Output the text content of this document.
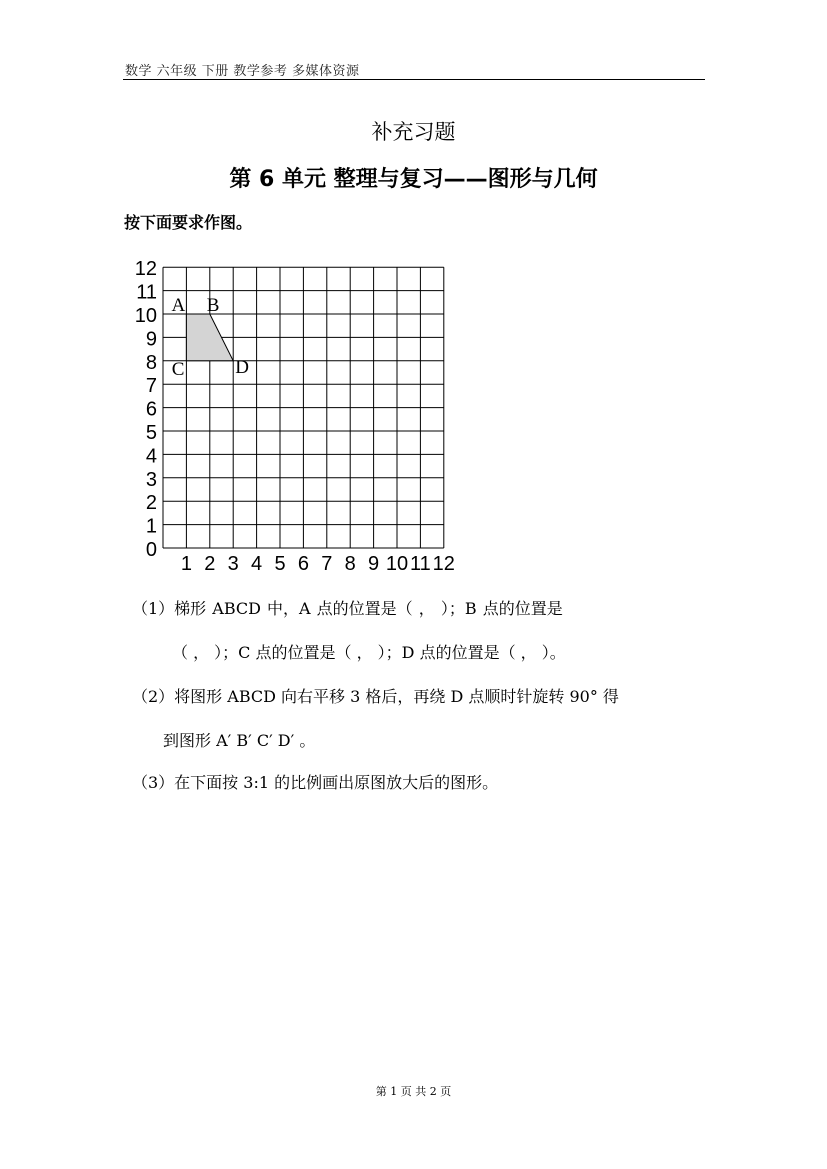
数学 六年级 下册 教学参考 多媒体资源
补充习题
第 6 单元 整理与复习——图形与几何
按下面要求作图。
1 2 3 4 5 6 7 8 9 10 11 12
0
1
2
3
4
5
6
7
8
9
10
11
12
A B
D
C
（1）梯形 ABCD 中，A 点的位置是（ ， ）；B 点的位置是
（ ， ）；C 点的位置是（ ， ）；D 点的位置是（ ， ）。
（2）将图形 ABCD 向右平移 3 格后，再绕 D 点顺时针旋转 90° 得
到图形 A′ B′ C′ D′ 。
（3）在下面按 3:1 的比例画出原图放大后的图形。
第 1 页 共 2 页
